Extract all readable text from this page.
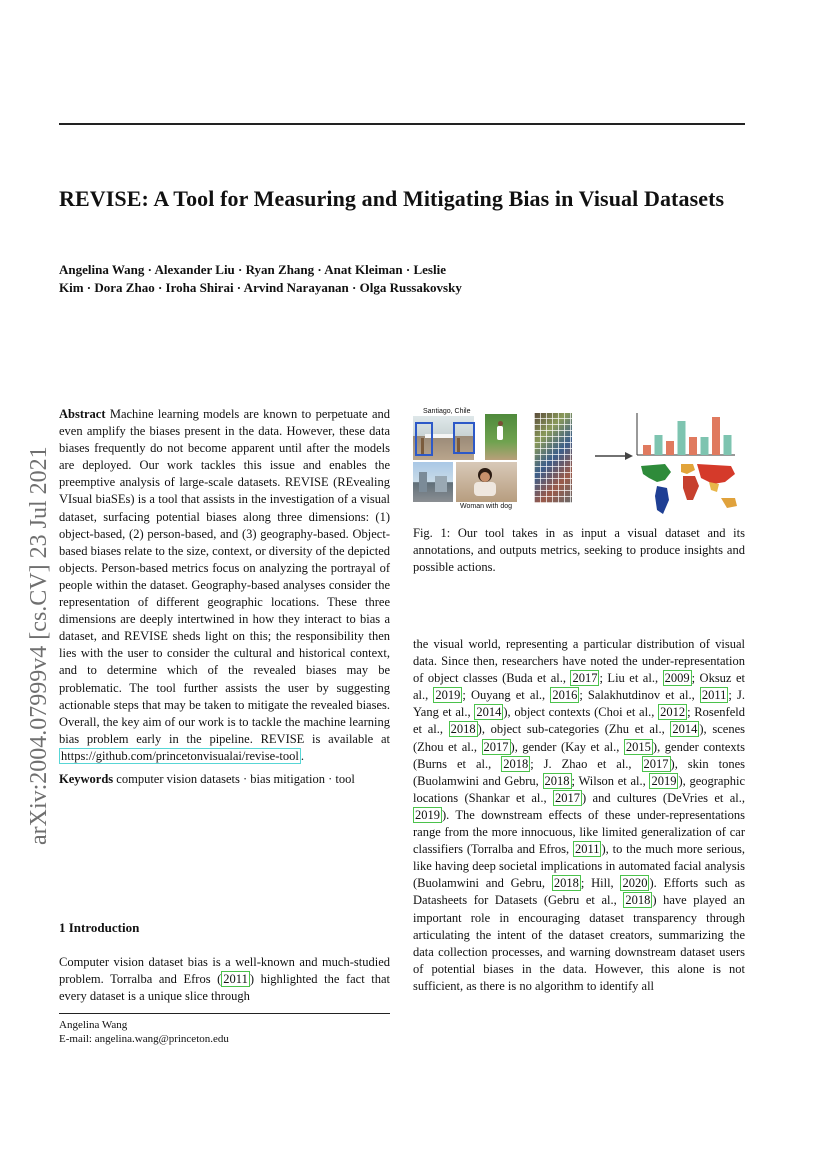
REVISE: A Tool for Measuring and Mitigating Bias in Visual Datasets
Angelina Wang · Alexander Liu · Ryan Zhang · Anat Kleiman · Leslie
Kim · Dora Zhao · Iroha Shirai · Arvind Narayanan · Olga Russakovsky
arXiv:2004.07999v4 [cs.CV] 23 Jul 2021

Abstract Machine learning models are known to perpetuate and even amplify the biases present in the data. However, these data biases frequently do not become apparent until after the models are deployed. Our work tackles this issue and enables the preemptive analysis of large-scale datasets. REVISE (REvealing VIsual biaSEs) is a tool that assists in the investigation of a visual dataset, surfacing potential biases along three dimensions: (1) object-based, (2) person-based, and (3) geography-based. Object-based biases relate to the size, context, or diversity of the depicted objects. Person-based metrics focus on analyzing the portrayal of people within the dataset. Geography-based analyses consider the representation of different geographic locations. These three dimensions are deeply intertwined in how they interact to bias a dataset, and REVISE sheds light on this; the responsibility then lies with the user to consider the cultural and historical context, and to determine which of the revealed biases may be problematic. The tool further assists the user by suggesting actionable steps that may be taken to mitigate the revealed biases. Overall, the key aim of our work is to tackle the machine learning bias problem early in the pipeline. REVISE is available at https://github.com/princetonvisualai/revise-tool .

Keywords computer vision datasets · bias mitigation · tool
1 Introduction
Computer vision dataset bias is a well-known and much-studied problem. Torralba and Efros ( 2011 ) highlighted the fact that every dataset is a unique slice through
Angelina Wang
E-mail: angelina.wang@princeton.edu
Santiago, Chile
Woman with dog
Fig. 1: Our tool takes in as input a visual dataset and its annotations, and outputs metrics, seeking to produce insights and possible actions.
the visual world, representing a particular distribution of visual data. Since then, researchers have noted the under-representation of object classes (Buda et al., 2017 ; Liu et al., 2009 ; Oksuz et al., 2019 ; Ouyang et al., 2016 ; Salakhutdinov et al., 2011 ; J. Yang et al., 2014 ), object contexts (Choi et al., 2012 ; Rosenfeld et al., 2018 ), object sub-categories (Zhu et al., 2014 ), scenes (Zhou et al., 2017 ), gender (Kay et al., 2015 ), gender contexts (Burns et al., 2018 ; J. Zhao et al., 2017 ), skin tones (Buolamwini and Gebru, 2018 ; Wilson et al., 2019 ), geographic locations (Shankar et al., 2017 ) and cultures (DeVries et al., 2019 ). The downstream effects of these under-representations range from the more innocuous, like limited generalization of car classifiers (Torralba and Efros, 2011 ), to the much more serious, like having deep societal implications in automated facial analysis (Buolamwini and Gebru, 2018 ; Hill, 2020 ). Efforts such as Datasheets for Datasets (Gebru et al., 2018 ) have played an important role in encouraging dataset transparency through articulating the intent of the dataset creators, summarizing the data collection processes, and warning downstream dataset users of potential biases in the data. However, this alone is not sufficient, as there is no algorithm to identify all
